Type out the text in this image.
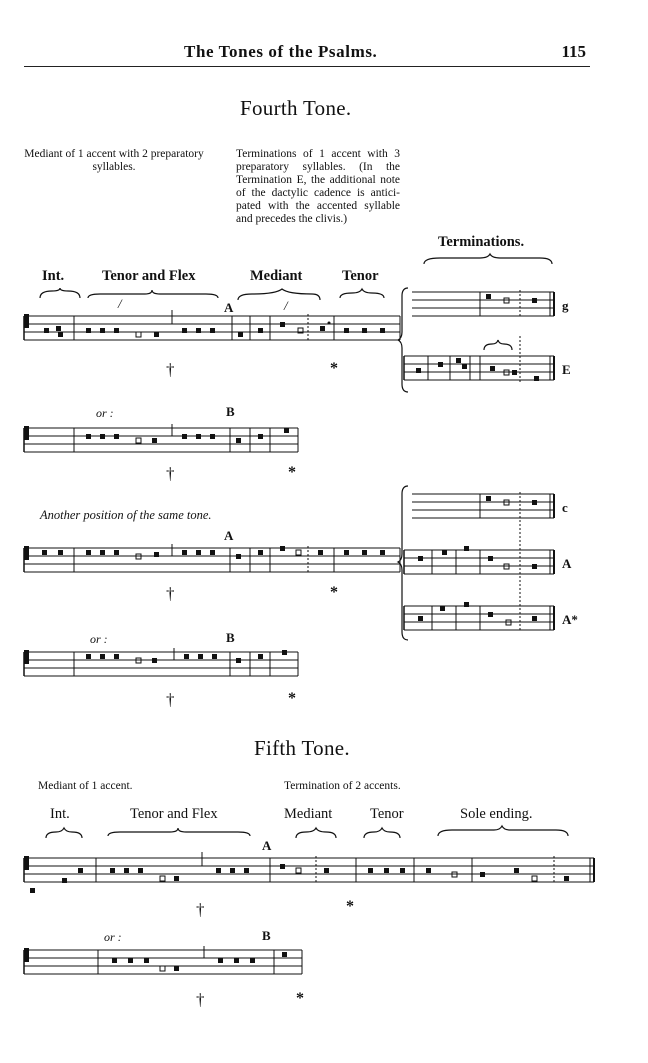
The Tones of the Psalms.	115
Fourth Tone.
Mediant of 1 accent with 2 preparatory syllables.
Terminations of 1 accent with 3 preparatory syllables. (In the Termination E, the additional note of the dactylic cadence is antici-pated with the accented syllable and precedes the clivis.)
Terminations.
Int.	Tenor and Flex	Mediant	Tenor
/	A	/
†	*
g
E
or :	B
†	*
Another position of the same tone.
A
†	*
c
A
A*
or :	B
†	*
Fifth Tone.
Mediant of 1 accent.	Termination of 2 accents.
Int.	Tenor and Flex	Mediant	Tenor	Sole ending.
A
†	*
or :	B
†	*
